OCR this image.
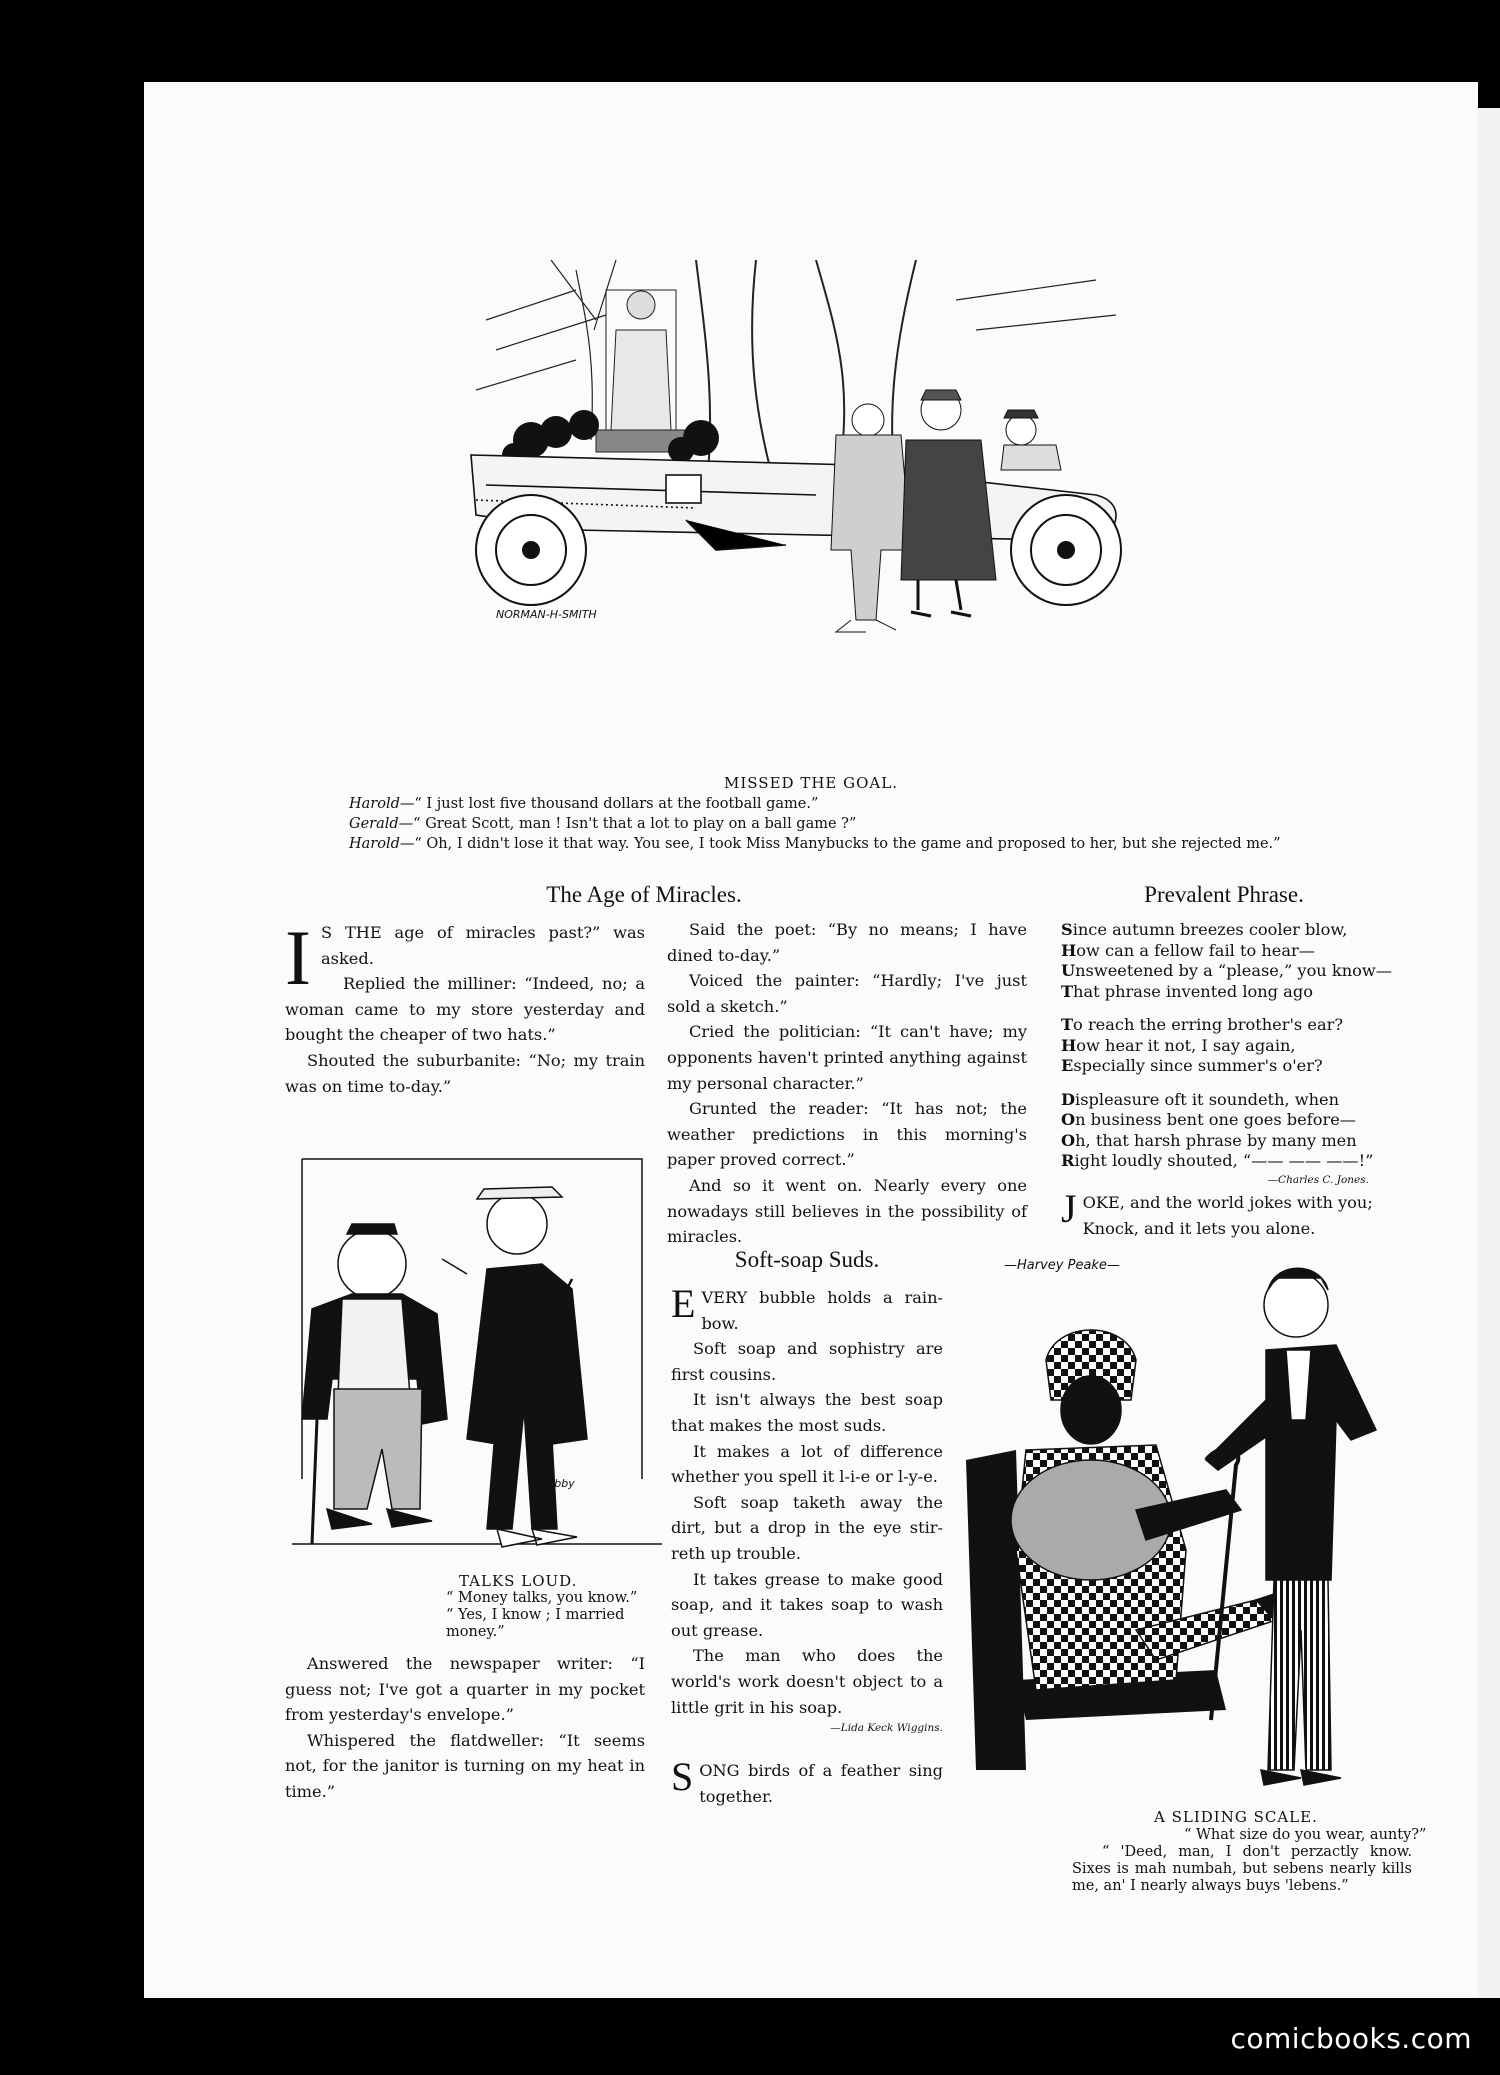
NORMAN-H-SMITH
MISSED THE GOAL.
Harold—“ I just lost five thousand dollars at the football game.”
Gerald—“ Great Scott, man ! Isn't that a lot to play on a ball game ?”
Harold—“ Oh, I didn't lose it that way. You see, I took Miss Manybucks to the game and proposed to her, but she rejected me.”
The Age of Miracles.
I S THE age of miracles past?” was asked.

Replied the milliner: “Indeed, no; a woman came to my store yesterday and bought the cheaper of two hats.”

Shouted the suburbanite: “No; my train was on time to-day.”

Bobby
TALKS LOUD.
“ Money talks, you know.”
“ Yes, I know ; I married money.”

Answered the newspaper writer: “I guess not; I've got a quarter in my pocket from yesterday's envelope.”

Whispered the flatdweller: “It seems not, for the janitor is turning on my heat in time.”

Said the poet: “By no means; I have dined to-day.”

Voiced the painter: “Hardly; I've just sold a sketch.”

Cried the politician: “It can't have; my opponents haven't printed anything against my personal character.”

Grunted the reader: “It has not; the weather predictions in this morning's paper proved correct.”

And so it went on. Nearly every one nowadays still believes in the possibility of miracles.

Soft-soap Suds.
E VERY bubble holds a rain-bow.

Soft soap and sophistry are first cousins.

It isn't always the best soap that makes the most suds.

It makes a lot of difference whether you spell it l-i-e or l-y-e.

Soft soap taketh away the dirt, but a drop in the eye stir-reth up trouble.

It takes grease to make good soap, and it takes soap to wash out grease.

The man who does the world's work doesn't object to a little grit in his soap.

—Lida Keck Wiggins.
S ONG birds of a feather sing together.

Prevalent Phrase.

Since autumn breezes cooler blow,

How can a fellow fail to hear—

Unsweetened by a “please,” you know—

That phrase invented long ago

To reach the erring brother's ear?

How hear it not, I say again,

Especially since summer's o'er?

Displeasure oft it soundeth, when

On business bent one goes before—

Oh, that harsh phrase by many men

Right loudly shouted, “—— —— ——!”

—Charles C. Jones.
J OKE, and the world jokes with you;

Knock, and it lets you alone.

—Harvey Peake—
A SLIDING SCALE.
“ What size do you wear, aunty?”
“ 'Deed, man, I don't perzactly know. Sixes is mah numbah, but sebens nearly kills me, an' I nearly always buys 'lebens.”
comicbooks.com
